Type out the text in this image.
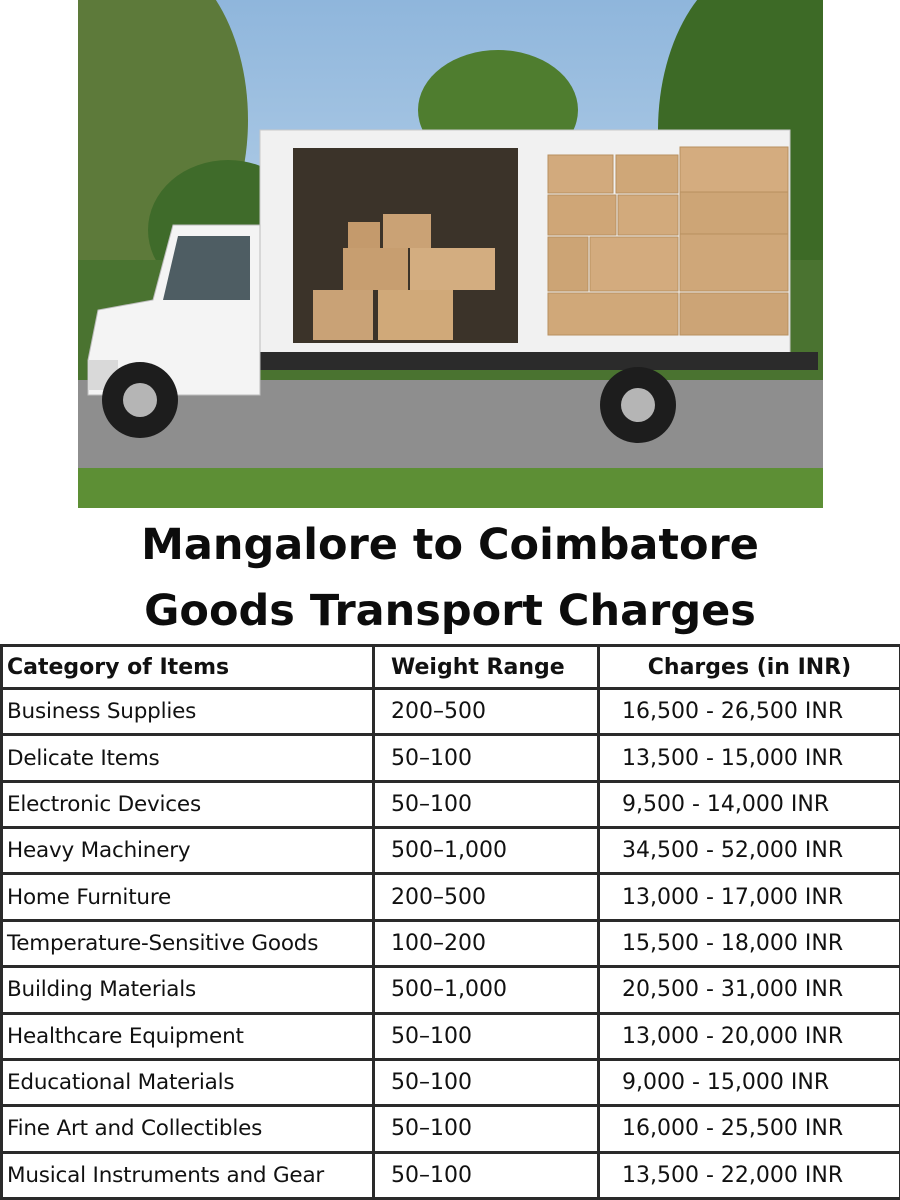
Mangalore to Coimbatore
Goods Transport Charges
Category of Items	Weight Range	Charges (in INR)
Business Supplies	200–500	16,500 - 26,500 INR
Delicate Items	50–100	13,500 - 15,000 INR
Electronic Devices	50–100	9,500 - 14,000 INR
Heavy Machinery	500–1,000	34,500 - 52,000 INR
Home Furniture	200–500	13,000 - 17,000 INR
Temperature-Sensitive Goods	100–200	15,500 - 18,000 INR
Building Materials	500–1,000	20,500 - 31,000 INR
Healthcare Equipment	50–100	13,000 - 20,000 INR
Educational Materials	50–100	9,000 - 15,000 INR
Fine Art and Collectibles	50–100	16,000 - 25,500 INR
Musical Instruments and Gear	50–100	13,500 - 22,000 INR
